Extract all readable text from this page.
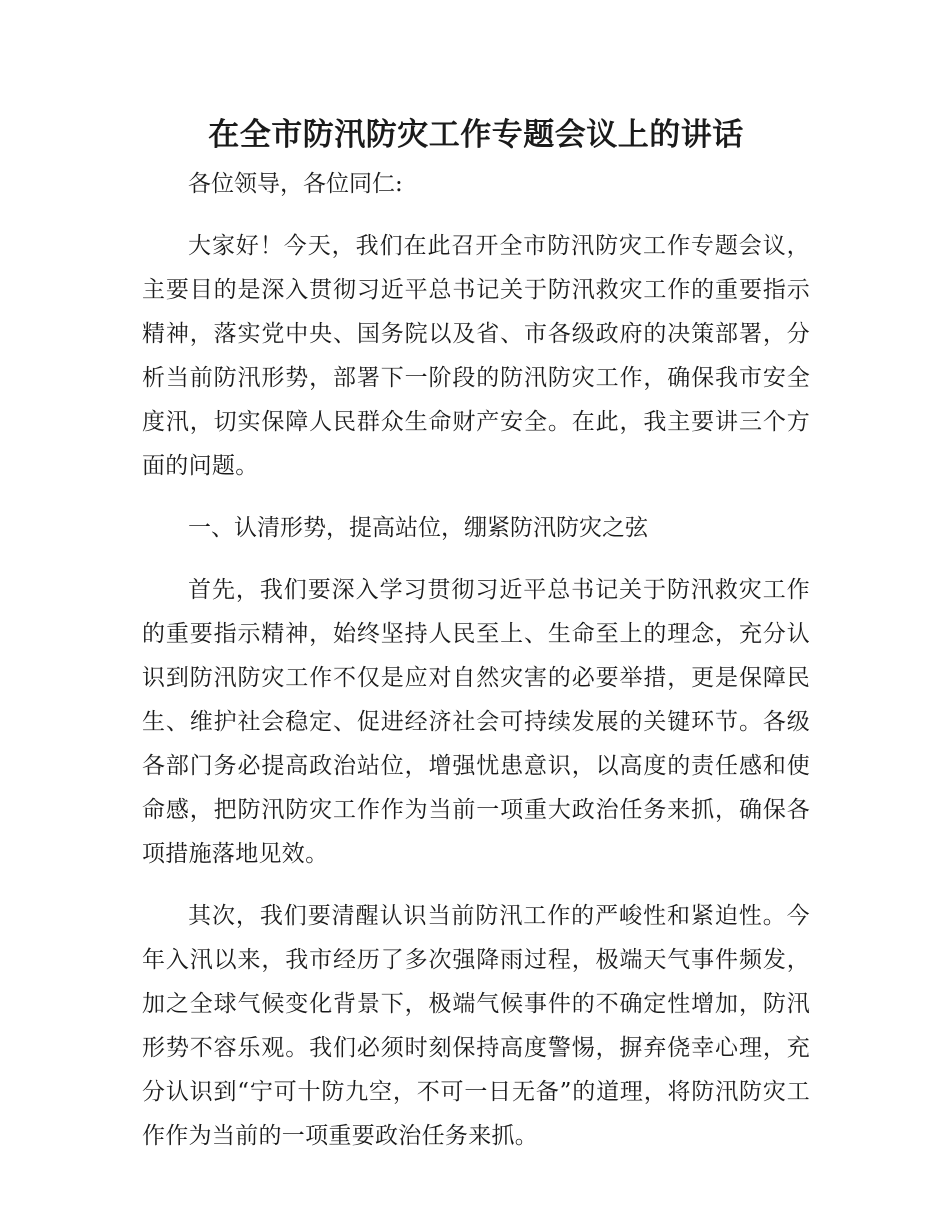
在全市防汛防灾工作专题会议上的讲话

各位领导，各位同仁:

大家好！今天，我们在此召开全市防汛防灾工作专题会议，主要目的是深入贯彻习近平总书记关于防汛救灾工作的重要指示精神，落实党中央、国务院以及省、市各级政府的决策部署，分析当前防汛形势，部署下一阶段的防汛防灾工作，确保我市安全度汛，切实保障人民群众生命财产安全。在此，我主要讲三个方面的问题。

一、认清形势，提高站位，绷紧防汛防灾之弦

首先，我们要深入学习贯彻习近平总书记关于防汛救灾工作的重要指示精神，始终坚持人民至上、生命至上的理念，充分认识到防汛防灾工作不仅是应对自然灾害的必要举措，更是保障民生、维护社会稳定、促进经济社会可持续发展的关键环节。各级各部门务必提高政治站位，增强忧患意识，以高度的责任感和使命感，把防汛防灾工作作为当前一项重大政治任务来抓，确保各项措施落地见效。

其次，我们要清醒认识当前防汛工作的严峻性和紧迫性。今年入汛以来，我市经历了多次强降雨过程，极端天气事件频发，加之全球气候变化背景下，极端气候事件的不确定性增加，防汛形势不容乐观。我们必须时刻保持高度警惕，摒弃侥幸心理，充分认识到“宁可十防九空，不可一日无备”的道理，将防汛防灾工作作为当前的一项重要政治任务来抓。
